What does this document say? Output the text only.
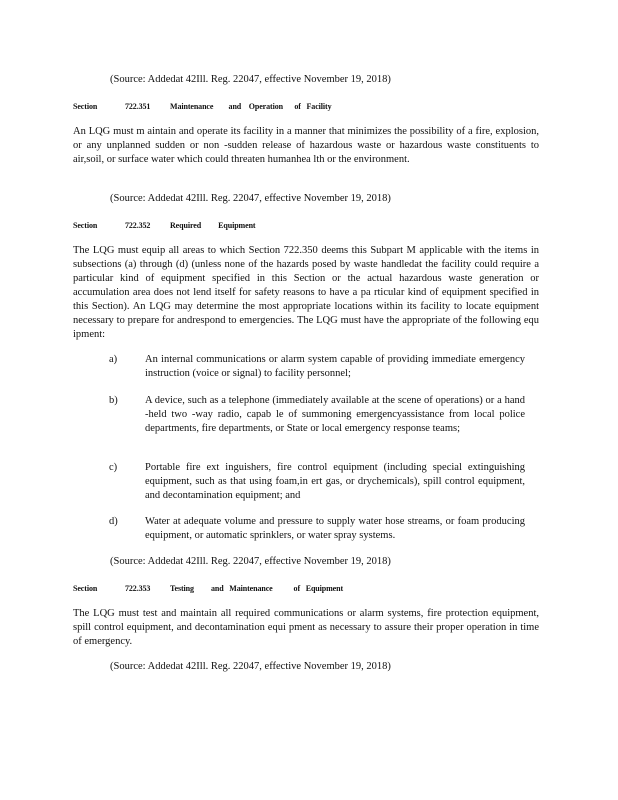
(Source: Addedat 42Ill. Reg. 22047, effective November 19, 2018)
Section	722.351 Maintenance        and    Operation      of   Facility
An LQG must m aintain and operate its facility in a manner that minimizes the possibility of a fire, explosion, or any unplanned sudden or non -sudden release of hazardous waste or hazardous waste constituents to air,soil, or surface water which could threaten humanhea lth or the environment.
(Source: Addedat 42Ill. Reg. 22047, effective November 19, 2018)
Section	722.352 Required         Equipment
The LQG must equip all areas to which Section 722.350 deems this Subpart M applicable with the items in subsections (a) through (d) (unless none of the hazards posed by waste handledat the facility could require a particular kind of equipment specified in this Section or the actual hazardous waste generation or accumulation area does not lend itself for safety reasons to have a pa rticular kind of equipment specified in this Section). An LQG may determine the most appropriate locations within its facility to locate equipment necessary to prepare for andrespond to emergencies. The LQG must have the appropriate of the following equ ipment:
a)	An internal communications or alarm system capable of providing immediate emergency instruction (voice or signal) to facility personnel;
b)	A device, such as a telephone (immediately available at the scene of operations) or a hand -held two -way radio, capab le of summoning emergencyassistance from local police departments, fire departments, or State or local emergency response teams;
c)	Portable fire ext inguishers, fire control equipment (including special extinguishing equipment, such as that using foam,in ert gas, or drychemicals), spill control equipment, and decontamination equipment; and
d)	Water at adequate volume and pressure to supply water hose streams, or foam producing equipment, or automatic sprinklers, or water spray systems.
(Source: Addedat 42Ill. Reg. 22047, effective November 19, 2018)
Section	722.353 Testing         and   Maintenance           of   Equipment
The LQG must test and maintain all required communications or alarm systems, fire protection equipment, spill control equipment, and decontamination equi pment as necessary to assure their proper operation in time of emergency.
(Source: Addedat 42Ill. Reg. 22047, effective November 19, 2018)
